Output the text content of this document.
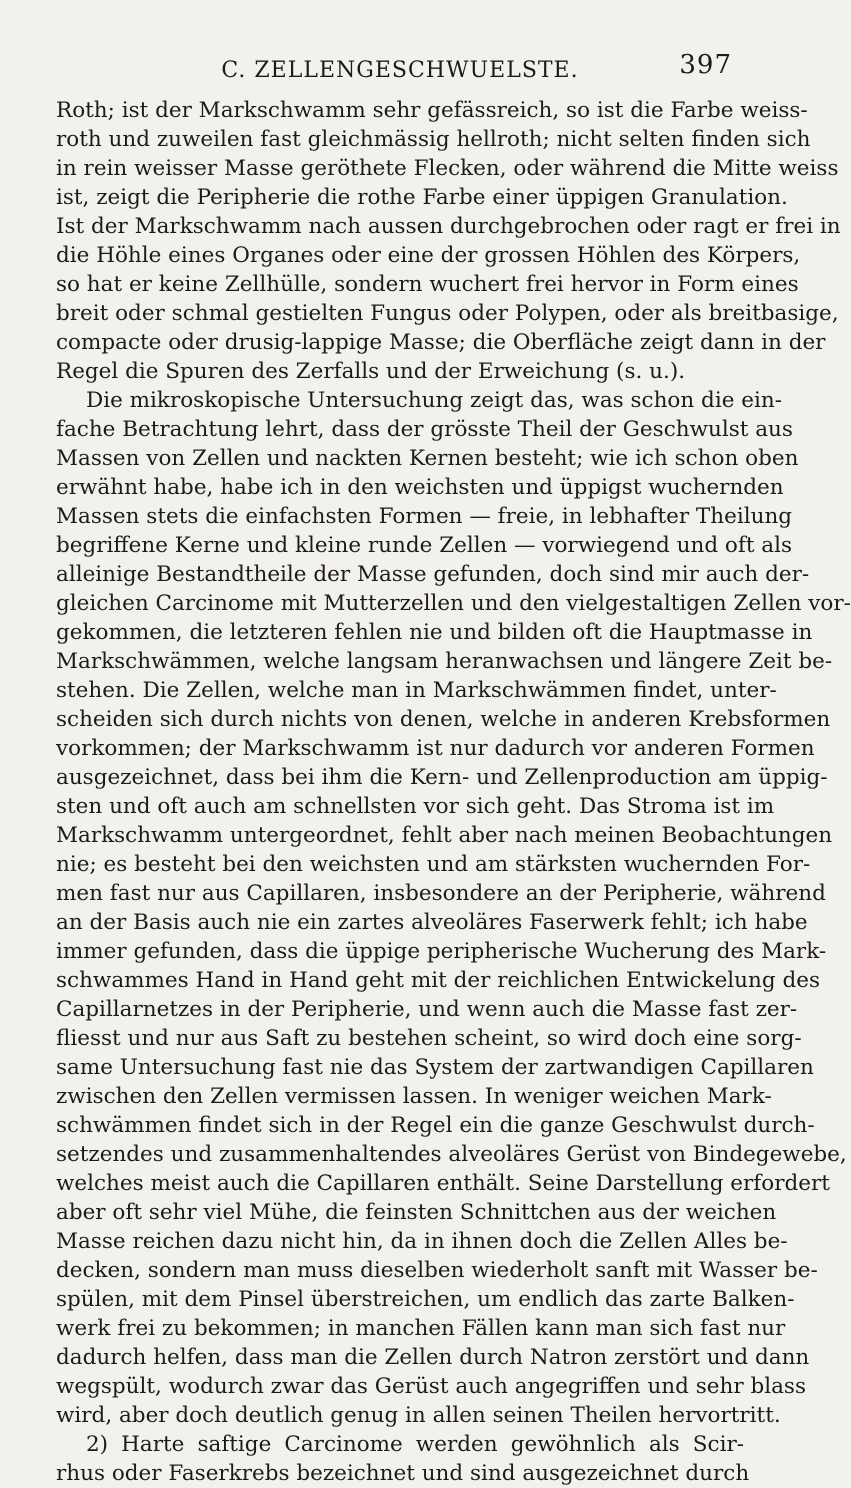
C. ZELLENGESCHWUELSTE.	397
Roth; ist der Markschwamm sehr gefässreich, so ist die Farbe weiss-
roth und zuweilen fast gleichmässig hellroth; nicht selten finden sich
in rein weisser Masse geröthete Flecken, oder während die Mitte weiss
ist, zeigt die Peripherie die rothe Farbe einer üppigen Granulation.
Ist der Markschwamm nach aussen durchgebrochen oder ragt er frei in
die Höhle eines Organes oder eine der grossen Höhlen des Körpers,
so hat er keine Zellhülle, sondern wuchert frei hervor in Form eines
breit oder schmal gestielten Fungus oder Polypen, oder als breitbasige,
compacte oder drusig-lappige Masse; die Oberfläche zeigt dann in der
Regel die Spuren des Zerfalls und der Erweichung (s. u.).
Die mikroskopische Untersuchung zeigt das, was schon die ein-
fache Betrachtung lehrt, dass der grösste Theil der Geschwulst aus
Massen von Zellen und nackten Kernen besteht; wie ich schon oben
erwähnt habe, habe ich in den weichsten und üppigst wuchernden
Massen stets die einfachsten Formen — freie, in lebhafter Theilung
begriffene Kerne und kleine runde Zellen — vorwiegend und oft als
alleinige Bestandtheile der Masse gefunden, doch sind mir auch der-
gleichen Carcinome mit Mutterzellen und den vielgestaltigen Zellen vor-
gekommen, die letzteren fehlen nie und bilden oft die Hauptmasse in
Markschwämmen, welche langsam heranwachsen und längere Zeit be-
stehen. Die Zellen, welche man in Markschwämmen findet, unter-
scheiden sich durch nichts von denen, welche in anderen Krebsformen
vorkommen; der Markschwamm ist nur dadurch vor anderen Formen
ausgezeichnet, dass bei ihm die Kern- und Zellenproduction am üppig-
sten und oft auch am schnellsten vor sich geht. Das Stroma ist im
Markschwamm untergeordnet, fehlt aber nach meinen Beobachtungen
nie; es besteht bei den weichsten und am stärksten wuchernden For-
men fast nur aus Capillaren, insbesondere an der Peripherie, während
an der Basis auch nie ein zartes alveoläres Faserwerk fehlt; ich habe
immer gefunden, dass die üppige peripherische Wucherung des Mark-
schwammes Hand in Hand geht mit der reichlichen Entwickelung des
Capillarnetzes in der Peripherie, und wenn auch die Masse fast zer-
fliesst und nur aus Saft zu bestehen scheint, so wird doch eine sorg-
same Untersuchung fast nie das System der zartwandigen Capillaren
zwischen den Zellen vermissen lassen. In weniger weichen Mark-
schwämmen findet sich in der Regel ein die ganze Geschwulst durch-
setzendes und zusammenhaltendes alveoläres Gerüst von Bindegewebe,
welches meist auch die Capillaren enthält. Seine Darstellung erfordert
aber oft sehr viel Mühe, die feinsten Schnittchen aus der weichen
Masse reichen dazu nicht hin, da in ihnen doch die Zellen Alles be-
decken, sondern man muss dieselben wiederholt sanft mit Wasser be-
spülen, mit dem Pinsel überstreichen, um endlich das zarte Balken-
werk frei zu bekommen; in manchen Fällen kann man sich fast nur
dadurch helfen, dass man die Zellen durch Natron zerstört und dann
wegspült, wodurch zwar das Gerüst auch angegriffen und sehr blass
wird, aber doch deutlich genug in allen seinen Theilen hervortritt.
2) Harte saftige Carcinome werden gewöhnlich als Scir-
rhus oder Faserkrebs bezeichnet und sind ausgezeichnet durch
